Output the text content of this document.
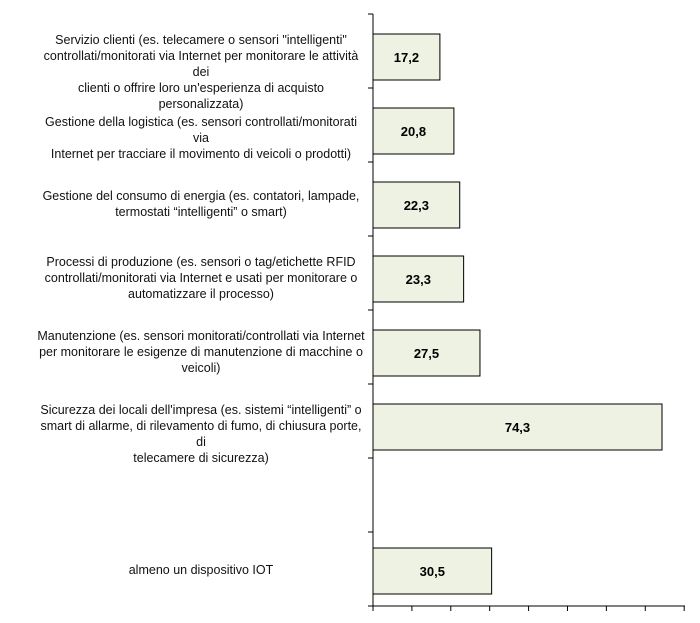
17,2
20,8
22,3
23,3
27,5
74,3
30,5
Servizio clienti (es. telecamere o sensori "intelligenti"
controllati/monitorati via Internet per monitorare le attività dei
clienti o offrire loro un'esperienza di acquisto personalizzata)
Gestione della logistica (es. sensori controllati/monitorati via
Internet per tracciare il movimento di veicoli o prodotti)
Gestione del consumo di energia (es. contatori, lampade,
termostati “intelligenti” o smart)
Processi di produzione (es. sensori o tag/etichette RFID
controllati/monitorati via Internet e usati per monitorare o
automatizzare il processo)
Manutenzione (es. sensori monitorati/controllati via Internet
per monitorare le esigenze di manutenzione di macchine o
veicoli)
Sicurezza dei locali dell'impresa (es. sistemi “intelligenti” o
smart di allarme, di rilevamento di fumo, di chiusura porte, di
telecamere di sicurezza)
almeno un dispositivo IOT
